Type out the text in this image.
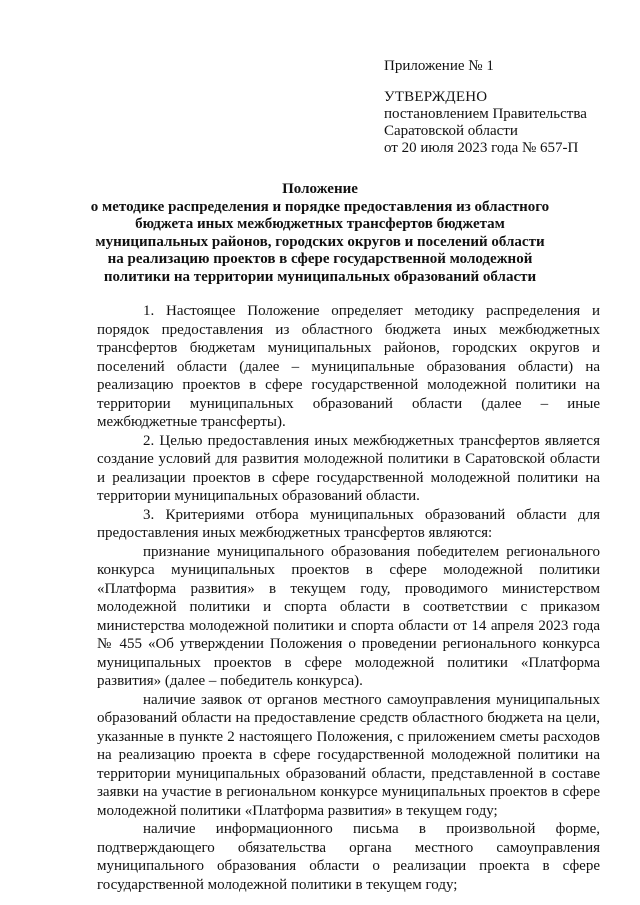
Приложение № 1
УТВЕРЖДЕНО
постановлением Правительства
Саратовской области
от 20 июля 2023 года № 657-П
Положение
о методике распределения и порядке предоставления из областного бюджета иных межбюджетных трансфертов бюджетам муниципальных районов, городских округов и поселений области на реализацию проектов в сфере государственной молодежной политики на территории муниципальных образований области

1. Настоящее Положение определяет методику распределения и порядок предоставления из областного бюджета иных межбюджетных трансфертов бюджетам муниципальных районов, городских округов и поселений области (далее – муниципальные образования области) на реализацию проектов в сфере государственной молодежной политики на территории муниципальных образований области (далее – иные межбюджетные трансферты).

2. Целью предоставления иных межбюджетных трансфертов является создание условий для развития молодежной политики в Саратовской области и реализации проектов в сфере государственной молодежной политики на территории муниципальных образований области.

3. Критериями отбора муниципальных образований области для предоставления иных межбюджетных трансфертов являются:

признание муниципального образования победителем регионального конкурса муниципальных проектов в сфере молодежной политики «Платформа развития» в текущем году, проводимого министерством молодежной политики и спорта области в соответствии с приказом министерства молодежной политики и спорта области от 14 апреля 2023 года № 455 «Об утверждении Положения о проведении регионального конкурса муниципальных проектов в сфере молодежной политики «Платформа развития» (далее – победитель конкурса).

наличие заявок от органов местного самоуправления муниципальных образований области на предоставление средств областного бюджета на цели, указанные в пункте 2 настоящего Положения, с приложением сметы расходов на реализацию проекта в сфере государственной молодежной политики на территории муниципальных образований области, представленной в составе заявки на участие в региональном конкурсе муниципальных проектов в сфере молодежной политики «Платформа развития» в текущем году;

наличие информационного письма в произвольной форме, подтверждающего обязательства органа местного самоуправления муниципального образования области о реализации проекта в сфере государственной молодежной политики в текущем году;
